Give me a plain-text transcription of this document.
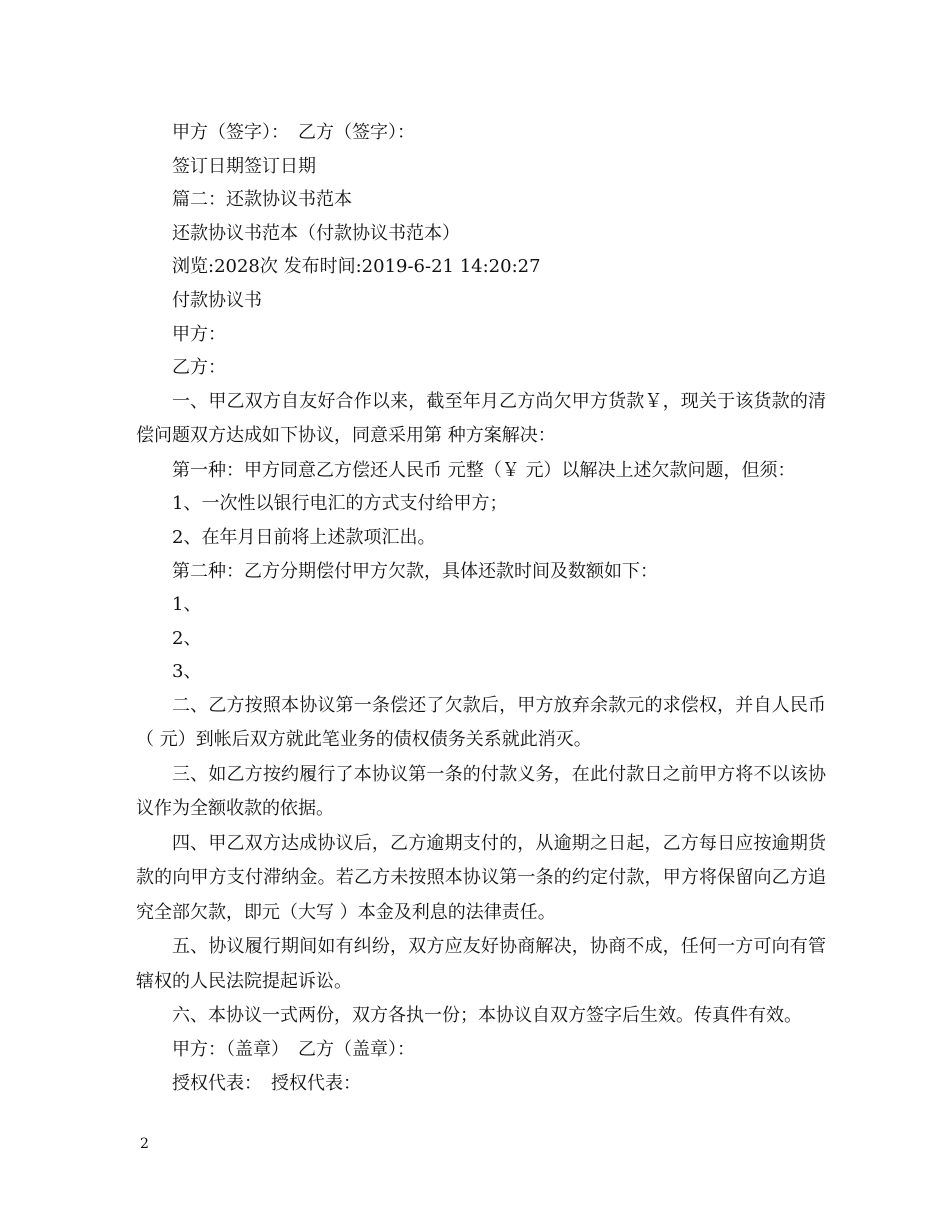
甲方（签字）：　乙方（签字）：
签订日期签订日期
篇二：还款协议书范本
还款协议书范本（付款协议书范本）
浏览:2028次 发布时间:2019-6-21 14:20:27
付款协议书
甲方：
乙方：
一、甲乙双方自友好合作以来，截至年月乙方尚欠甲方货款￥，现关于该货款的清偿问题双方达成如下协议，同意采用第 种方案解决：
第一种：甲方同意乙方偿还人民币 元整（￥ 元）以解决上述欠款问题，但须：
1、一次性以银行电汇的方式支付给甲方；
2、在年月日前将上述款项汇出。
第二种：乙方分期偿付甲方欠款，具体还款时间及数额如下：
1、
2、
3、
二、乙方按照本协议第一条偿还了欠款后，甲方放弃余款元的求偿权，并自人民币（ 元）到帐后双方就此笔业务的债权债务关系就此消灭。
三、如乙方按约履行了本协议第一条的付款义务，在此付款日之前甲方将不以该协议作为全额收款的依据。
四、甲乙双方达成协议后，乙方逾期支付的，从逾期之日起，乙方每日应按逾期货款的向甲方支付滞纳金。若乙方未按照本协议第一条的约定付款，甲方将保留向乙方追究全部欠款，即元（大写 ）本金及利息的法律责任。
五、协议履行期间如有纠纷，双方应友好协商解决，协商不成，任何一方可向有管辖权的人民法院提起诉讼。
六、本协议一式两份，双方各执一份；本协议自双方签字后生效。传真件有效。
甲方：（盖章）　乙方（盖章）：
授权代表：　授权代表：
2
